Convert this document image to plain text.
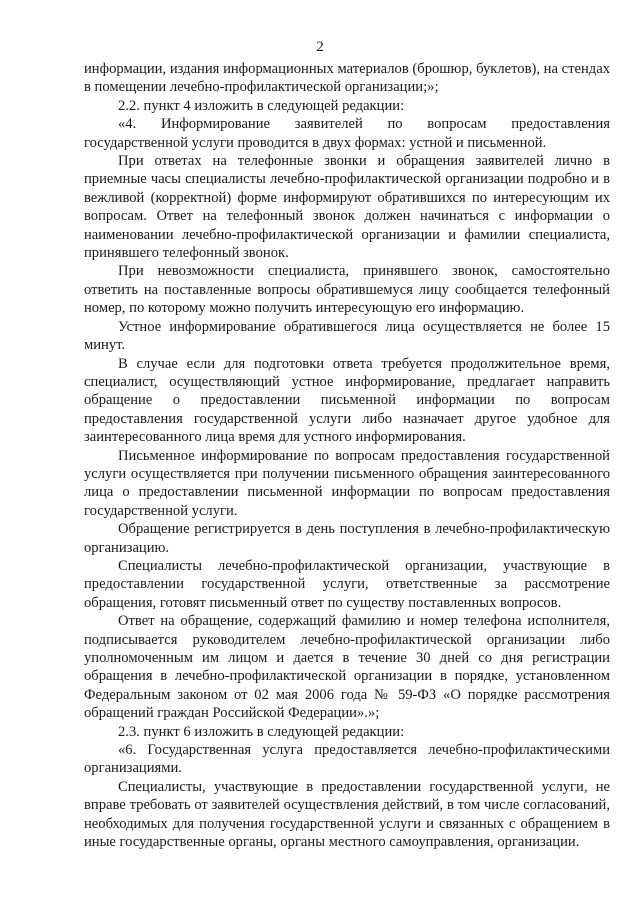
2

информации, издания информационных материалов (брошюр, буклетов), на стендах в помещении лечебно-профилактической организации;»;

2.2. пункт 4 изложить в следующей редакции:

«4. Информирование заявителей по вопросам предоставления государственной услуги проводится в двух формах: устной и письменной.

При ответах на телефонные звонки и обращения заявителей лично в приемные часы специалисты лечебно-профилактической организации подробно и в вежливой (корректной) форме информируют обратившихся по интересующим их вопросам. Ответ на телефонный звонок должен начинаться с информации о наименовании лечебно-профилактической организации и фамилии специалиста, принявшего телефонный звонок.

При невозможности специалиста, принявшего звонок, самостоятельно ответить на поставленные вопросы обратившемуся лицу сообщается телефонный номер, по которому можно получить интересующую его информацию.

Устное информирование обратившегося лица осуществляется не более 15 минут.

В случае если для подготовки ответа требуется продолжительное время, специалист, осуществляющий устное информирование, предлагает направить обращение о предоставлении письменной информации по вопросам предоставления государственной услуги либо назначает другое удобное для заинтересованного лица время для устного информирования.

Письменное информирование по вопросам предоставления государственной услуги осуществляется при получении письменного обращения заинтересованного лица о предоставлении письменной информации по вопросам предоставления государственной услуги.

Обращение регистрируется в день поступления в лечебно-профилактическую организацию.

Специалисты лечебно-профилактической организации, участвующие в предоставлении государственной услуги, ответственные за рассмотрение обращения, готовят письменный ответ по существу поставленных вопросов.

Ответ на обращение, содержащий фамилию и номер телефона исполнителя, подписывается руководителем лечебно-профилактической организации либо уполномоченным им лицом и дается в течение 30 дней со дня регистрации обращения в лечебно-профилактической организации в порядке, установленном Федеральным законом от 02 мая 2006 года № 59-ФЗ «О порядке рассмотрения обращений граждан Российской Федерации».»;

2.3. пункт 6 изложить в следующей редакции:

«6. Государственная услуга предоставляется лечебно-профилактическими организациями.

Специалисты, участвующие в предоставлении государственной услуги, не вправе требовать от заявителей осуществления действий, в том числе согласований, необходимых для получения государственной услуги и связанных с обращением в иные государственные органы, органы местного самоуправления, организации.
